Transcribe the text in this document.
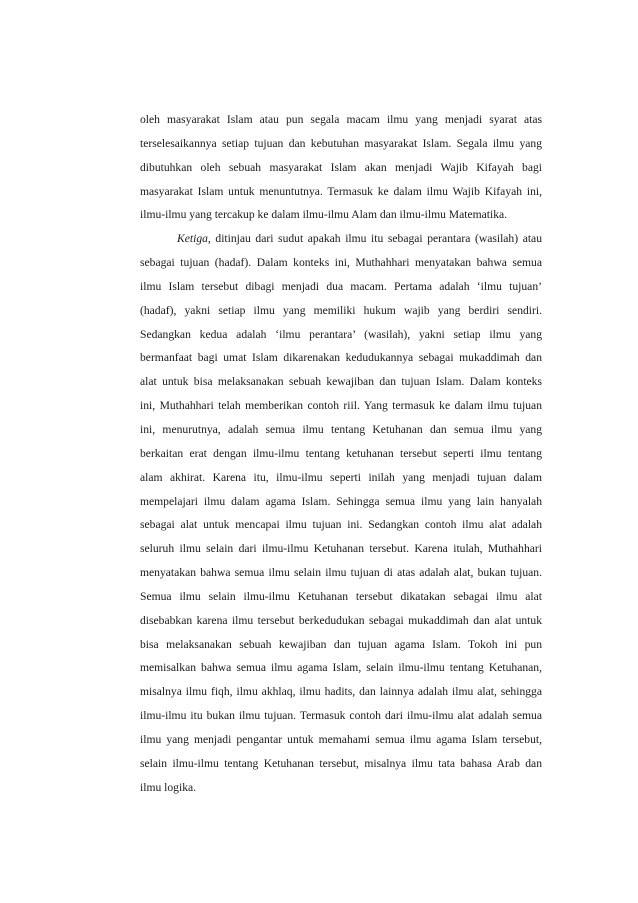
oleh masyarakat Islam atau pun segala macam ilmu yang menjadi syarat atas
terselesaikannya setiap tujuan dan kebutuhan masyarakat Islam. Segala ilmu yang
dibutuhkan oleh sebuah masyarakat Islam akan menjadi Wajib Kifayah bagi
masyarakat Islam untuk menuntutnya. Termasuk ke dalam ilmu Wajib Kifayah ini,
ilmu-ilmu yang tercakup ke dalam ilmu-ilmu Alam dan ilmu-ilmu Matematika.
Ketiga, ditinjau dari sudut apakah ilmu itu sebagai perantara (wasilah) atau
sebagai tujuan (hadaf). Dalam konteks ini, Muthahhari menyatakan bahwa semua
ilmu Islam tersebut dibagi menjadi dua macam. Pertama adalah ‘ilmu tujuan’
(hadaf), yakni setiap ilmu yang memiliki hukum wajib yang berdiri sendiri.
Sedangkan kedua adalah ‘ilmu perantara’ (wasilah), yakni setiap ilmu yang
bermanfaat bagi umat Islam dikarenakan kedudukannya sebagai mukaddimah dan
alat untuk bisa melaksanakan sebuah kewajiban dan tujuan Islam. Dalam konteks
ini, Muthahhari telah memberikan contoh riil. Yang termasuk ke dalam ilmu tujuan
ini, menurutnya, adalah semua ilmu tentang Ketuhanan dan semua ilmu yang
berkaitan erat dengan ilmu-ilmu tentang ketuhanan tersebut seperti ilmu tentang
alam akhirat. Karena itu, ilmu-ilmu seperti inilah yang menjadi tujuan dalam
mempelajari ilmu dalam agama Islam. Sehingga semua ilmu yang lain hanyalah
sebagai alat untuk mencapai ilmu tujuan ini. Sedangkan contoh ilmu alat adalah
seluruh ilmu selain dari ilmu-ilmu Ketuhanan tersebut. Karena itulah, Muthahhari
menyatakan bahwa semua ilmu selain ilmu tujuan di atas adalah alat, bukan tujuan.
Semua ilmu selain ilmu-ilmu Ketuhanan tersebut dikatakan sebagai ilmu alat
disebabkan karena ilmu tersebut berkedudukan sebagai mukaddimah dan alat untuk
bisa melaksanakan sebuah kewajiban dan tujuan agama Islam. Tokoh ini pun
memisalkan bahwa semua ilmu agama Islam, selain ilmu-ilmu tentang Ketuhanan,
misalnya ilmu fiqh, ilmu akhlaq, ilmu hadits, dan lainnya adalah ilmu alat, sehingga
ilmu-ilmu itu bukan ilmu tujuan. Termasuk contoh dari ilmu-ilmu alat adalah semua
ilmu yang menjadi pengantar untuk memahami semua ilmu agama Islam tersebut,
selain ilmu-ilmu tentang Ketuhanan tersebut, misalnya ilmu tata bahasa Arab dan
ilmu logika.
